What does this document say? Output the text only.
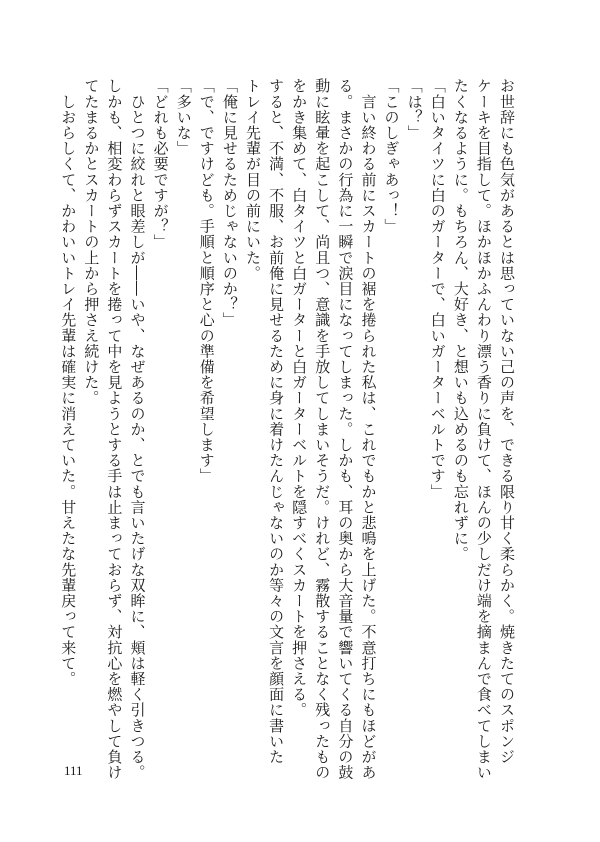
お世辞にも色気があるとは思っていない己の声を、できる限り甘く柔らかく。焼きたてのスポンジ
ケーキを目指して。ほかほかふんわり漂う香りに負けて、ほんの少しだけ端を摘まんで食べてしまい
たくなるように。もちろん、大好き、と想いも込めるのも忘れずに。
「白いタイツに白のガーターで、白いガーターベルトです」
「は？」
「このしぎゃあっ！」
　言い終わる前にスカートの裾を捲られた私は、これでもかと悲鳴を上げた。不意打ちにもほどがあ
る。まさかの行為に一瞬で涙目になってしまった。しかも、耳の奥から大音量で響いてくる自分の鼓
動に眩暈を起こして、尚且つ、意識を手放してしまいそうだ。けれど、霧散することなく残ったもの
をかき集めて、白タイツと白ガーターと白ガーターベルトを隠すべくスカートを押さえる。
すると、不満、不服、お前俺に見せるために身に着けたんじゃないのか等々の文言を顔面に書いた
トレイ先輩が目の前にいた。
「俺に見せるためじゃないのか？」
「で、ですけども。手順と順序と心の準備を希望します」
「多いな」
「どれも必要ですが？」
　ひとつに絞れと眼差しが――いや、なぜあるのか、とでも言いたげな双眸に、頬は軽く引きつる。
しかも、相変わらずスカートを捲って中を見ようとする手は止まっておらず、対抗心を燃やして負け
てたまるかとスカートの上から押さえ続けた。
　しおらしくて、かわいいトレイ先輩は確実に消えていた。甘えたな先輩戻って来て。
111
